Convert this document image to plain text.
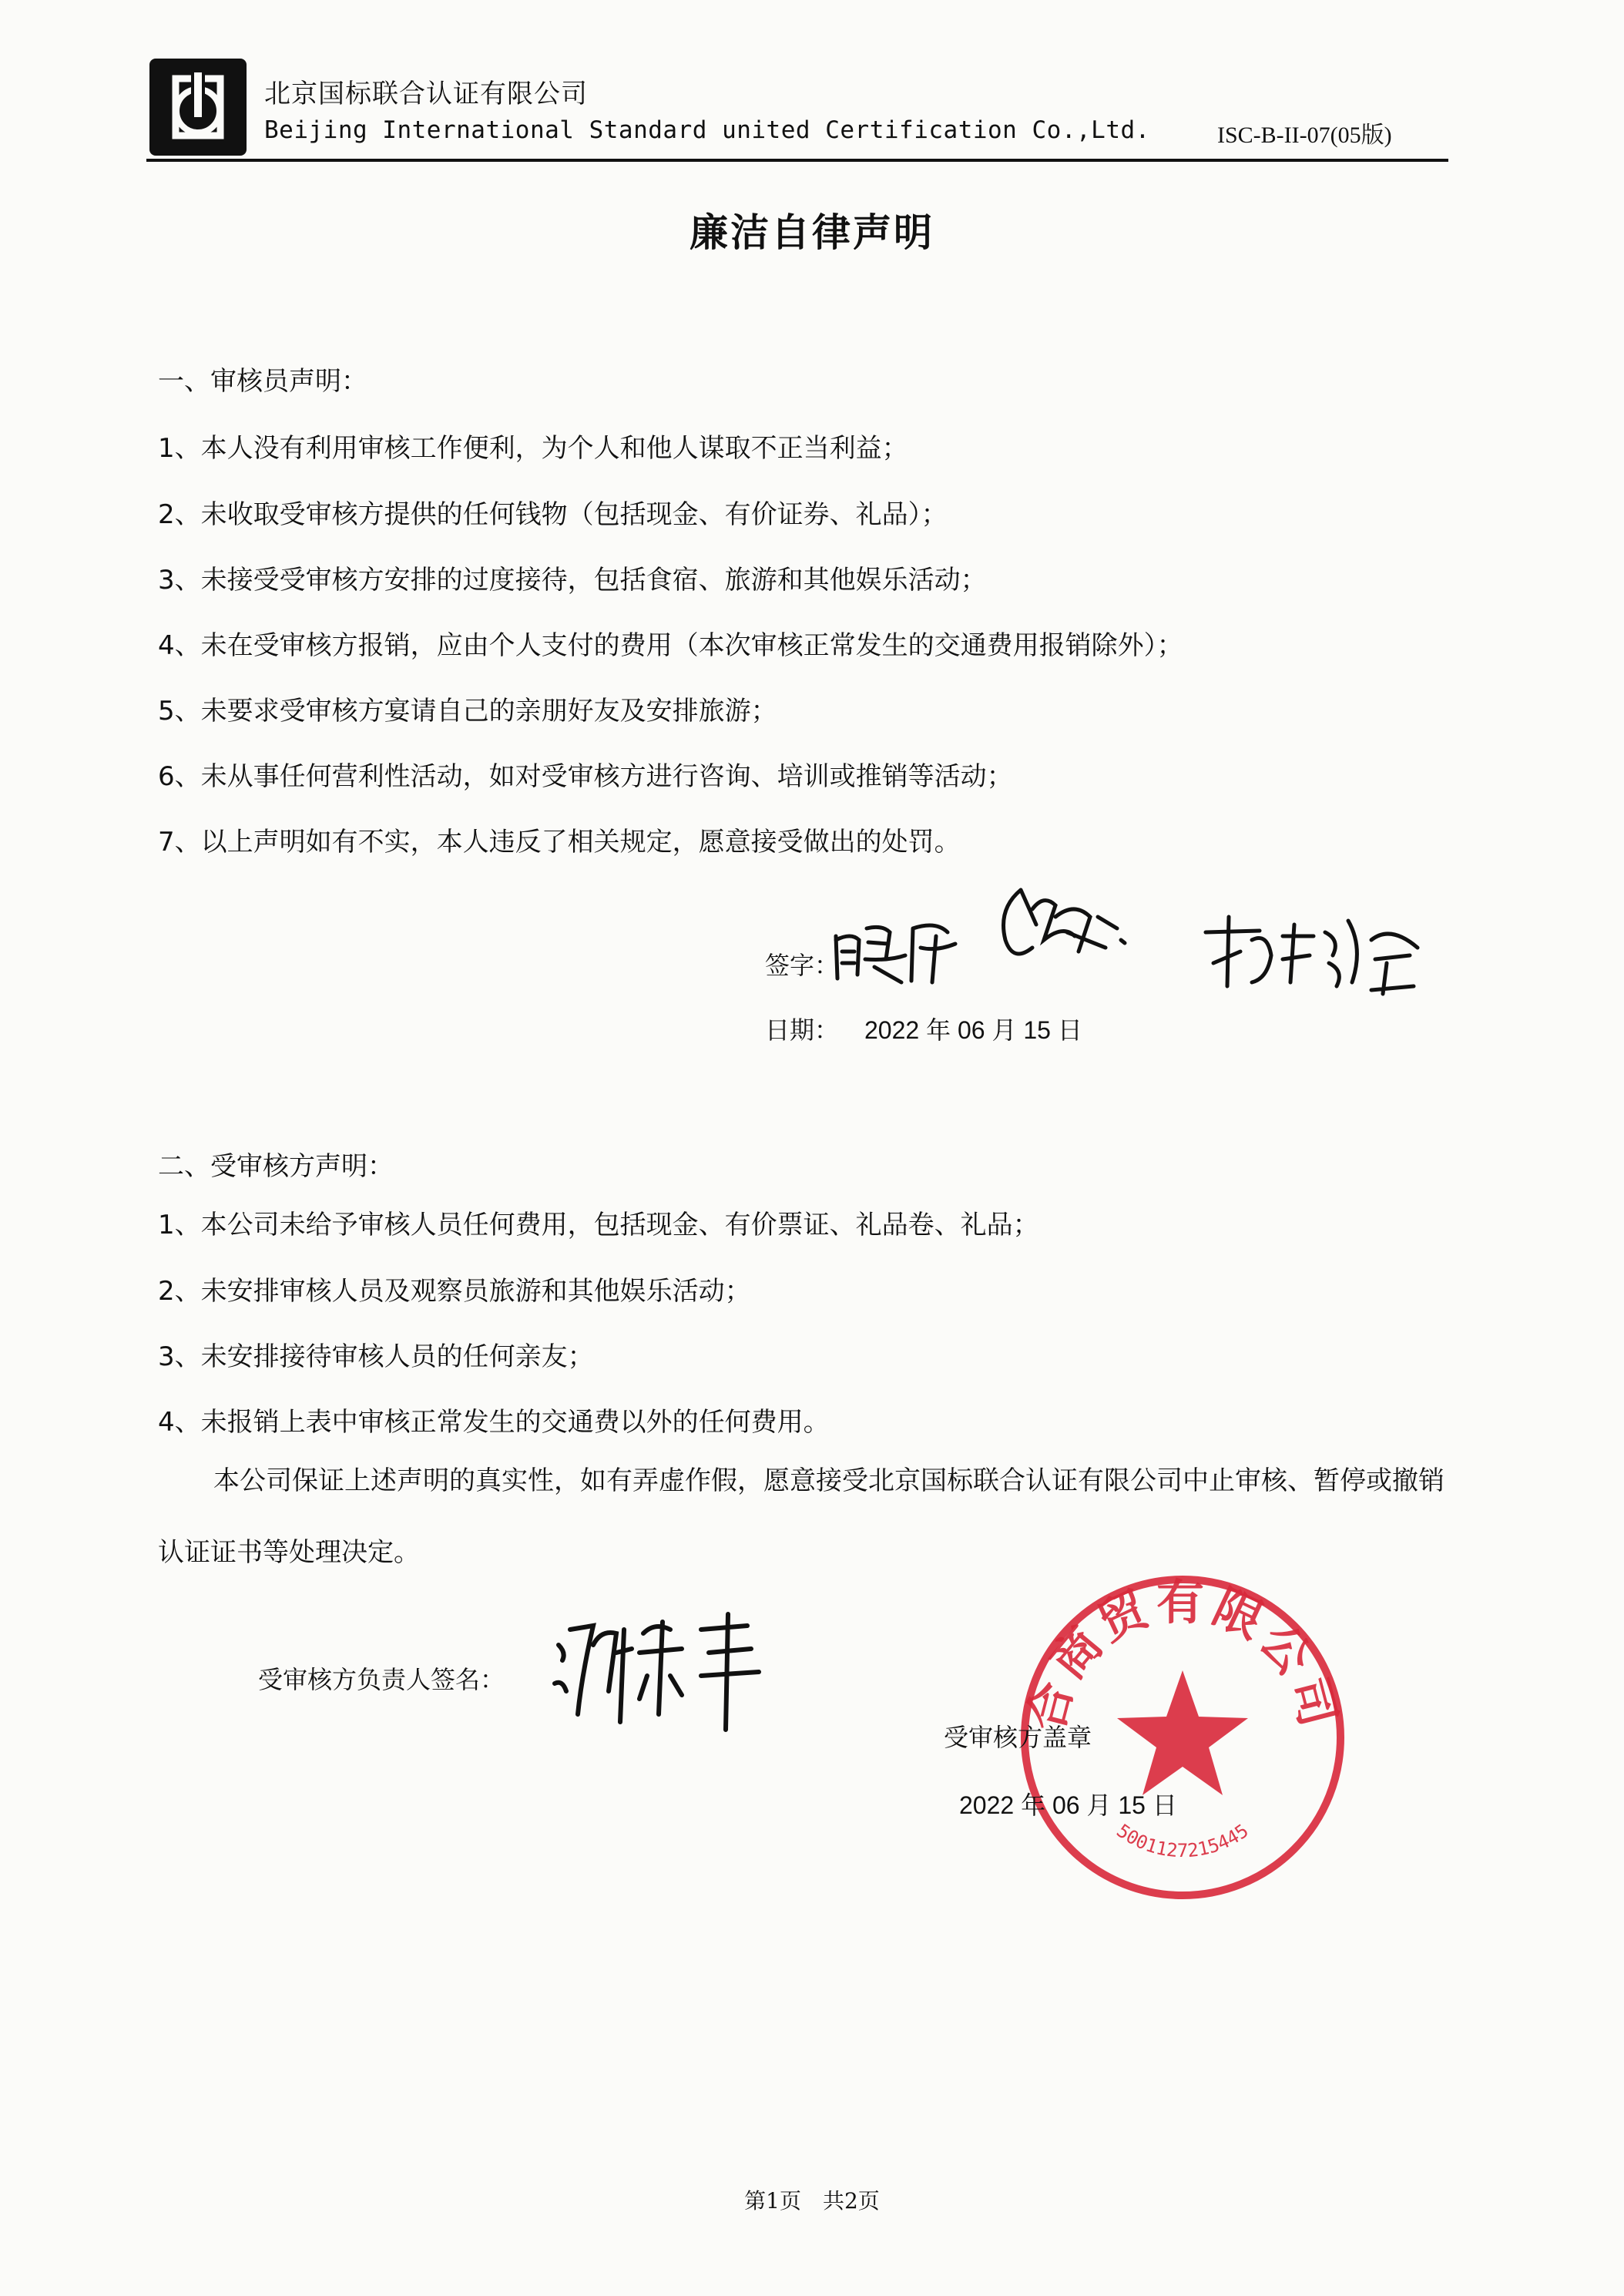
北京国标联合认证有限公司
Beijing International Standard united Certification Co.,Ltd.	ISC-B-II-07(05版)
廉洁自律声明
一、审核员声明：
1、本人没有利用审核工作便利，为个人和他人谋取不正当利益；
2、未收取受审核方提供的任何钱物（包括现金、有价证券、礼品）；
3、未接受受审核方安排的过度接待，包括食宿、旅游和其他娱乐活动；
4、未在受审核方报销，应由个人支付的费用（本次审核正常发生的交通费用报销除外）；
5、未要求受审核方宴请自己的亲朋好友及安排旅游；
6、未从事任何营利性活动，如对受审核方进行咨询、培训或推销等活动；
7、以上声明如有不实，本人违反了相关规定，愿意接受做出的处罚。
签字：
日期： 2022 年 06 月 15 日
二、受审核方声明：
1、本公司未给予审核人员任何费用，包括现金、有价票证、礼品卷、礼品；
2、未安排审核人员及观察员旅游和其他娱乐活动；
3、未安排接待审核人员的任何亲友；
4、未报销上表中审核正常发生的交通费以外的任何费用。
本公司保证上述声明的真实性，如有弄虚作假，愿意接受北京国标联合认证有限公司中止审核、暂停或撤销认证证书等处理决定。
受审核方负责人签名：	合商贸有限公司
5001127215445
受审核方盖章
2022 年 06 月 15 日
第1页　共2页
